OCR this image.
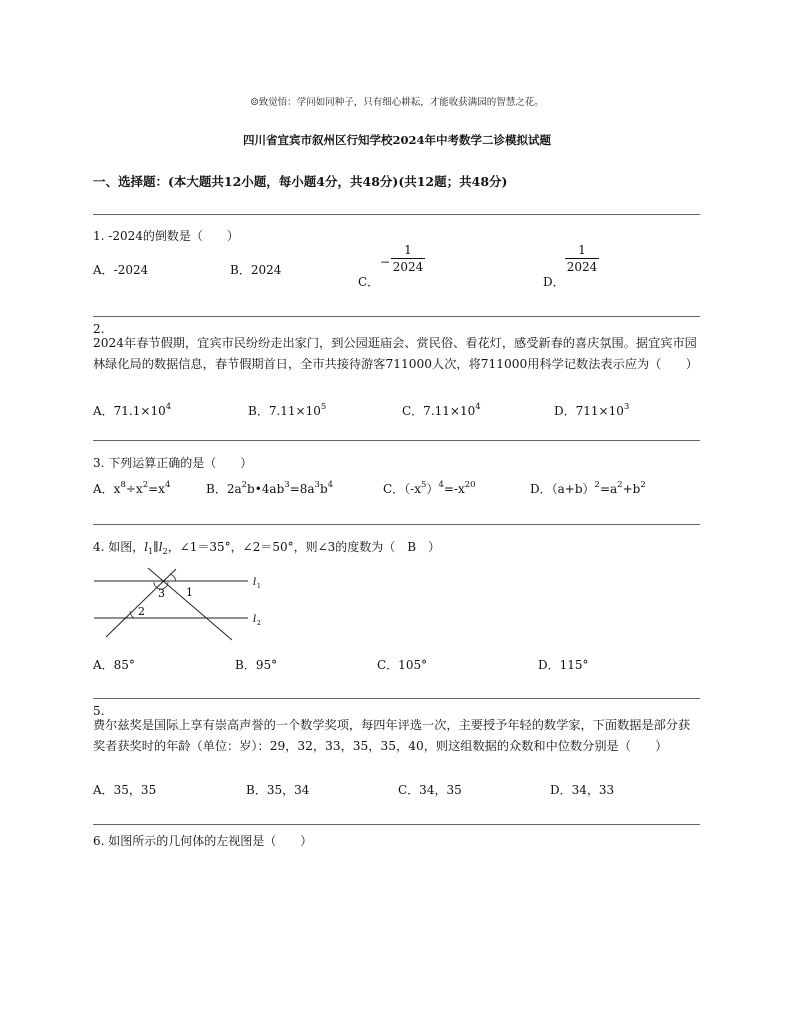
☺致觉悟：学问如同种子，只有细心耕耘，才能收获满园的智慧之花。
四川省宜宾市叙州区行知学校2024年中考数学二诊模拟试题
一、选择题：(本大题共12小题，每小题4分，共48分)(共12题；共48分)
1. -2024的倒数是（　　）
A．-2024	B．2024
C．
−
1
2024
D．
1
2024
2.
2024年春节假期，宜宾市民纷纷走出家门，到公园逛庙会、赏民俗、看花灯，感受新春的喜庆氛围。据宜宾市园林绿化局的数据信息，春节假期首日，全市共接待游客711000人次，将711000用科学记数法表示应为（　　）
A．$71.1\times 10^4$	B．$7.11\times 10^5$	C．$7.11\times 10^4$	D．$711\times 10^3$
3. 下列运算正确的是（　　）
A．$x^8\div x^2=x^4$	B．$2a^2b•4ab^3=8a^3b^4$	C．$(-x^5)^4=-x^{20}$	D．$(a+b)^2=a^2+b^2$
4. 如图，$l_1\parallel l_2$，∠1＝35°，∠2＝50°，则∠3的度数为（　B　）
1
2
3
l 1
l 2
A．85°	B．95°	C．105°	D．115°
5.
费尔兹奖是国际上享有崇高声誉的一个数学奖项，每四年评选一次，主要授予年轻的数学家，下面数据是部分获奖者获奖时的年龄（单位：岁）：29，32，33，35，35，40，则这组数据的众数和中位数分别是（　　）
A．35，35	B．35，34	C．34，35	D．34，33
6. 如图所示的几何体的左视图是（　　）
